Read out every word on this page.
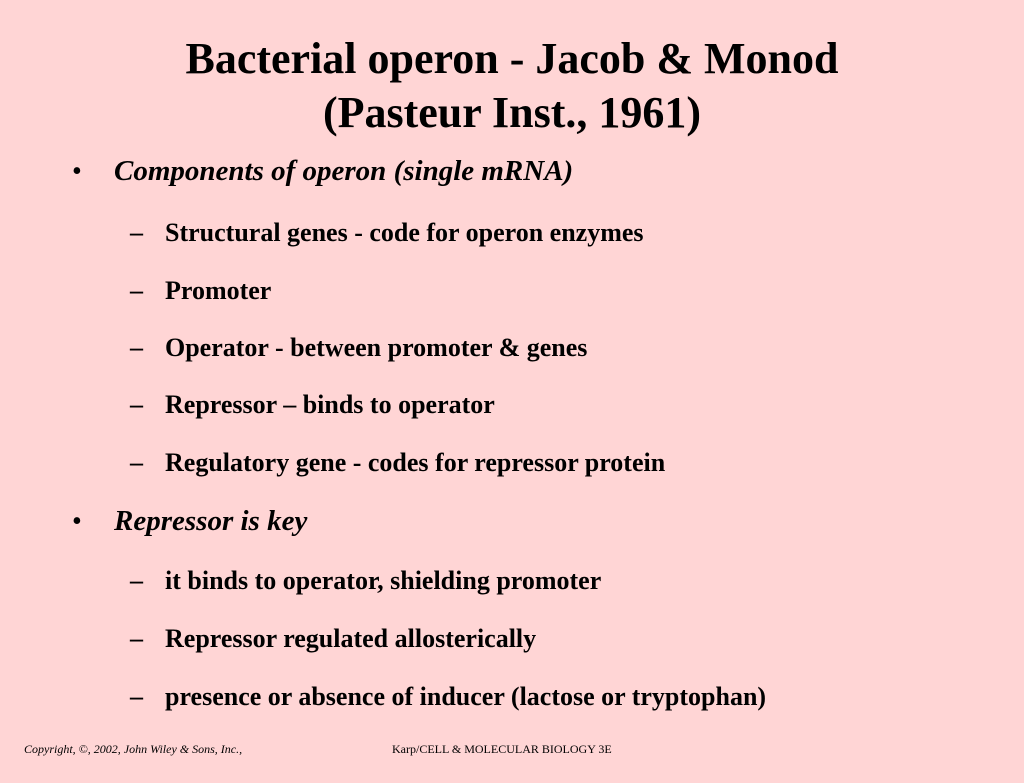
Bacterial operon - Jacob & Monod
(Pasteur Inst., 1961)
• Components of operon (single mRNA)
– Structural genes - code for operon enzymes
– Promoter
– Operator - between promoter & genes
– Repressor – binds to operator
– Regulatory gene - codes for repressor protein
• Repressor is key
– it binds to operator, shielding promoter
– Repressor regulated allosterically
– presence or absence of inducer (lactose or tryptophan)
Copyright, ©, 2002, John Wiley & Sons, Inc.,	Karp/CELL & MOLECULAR BIOLOGY 3E
